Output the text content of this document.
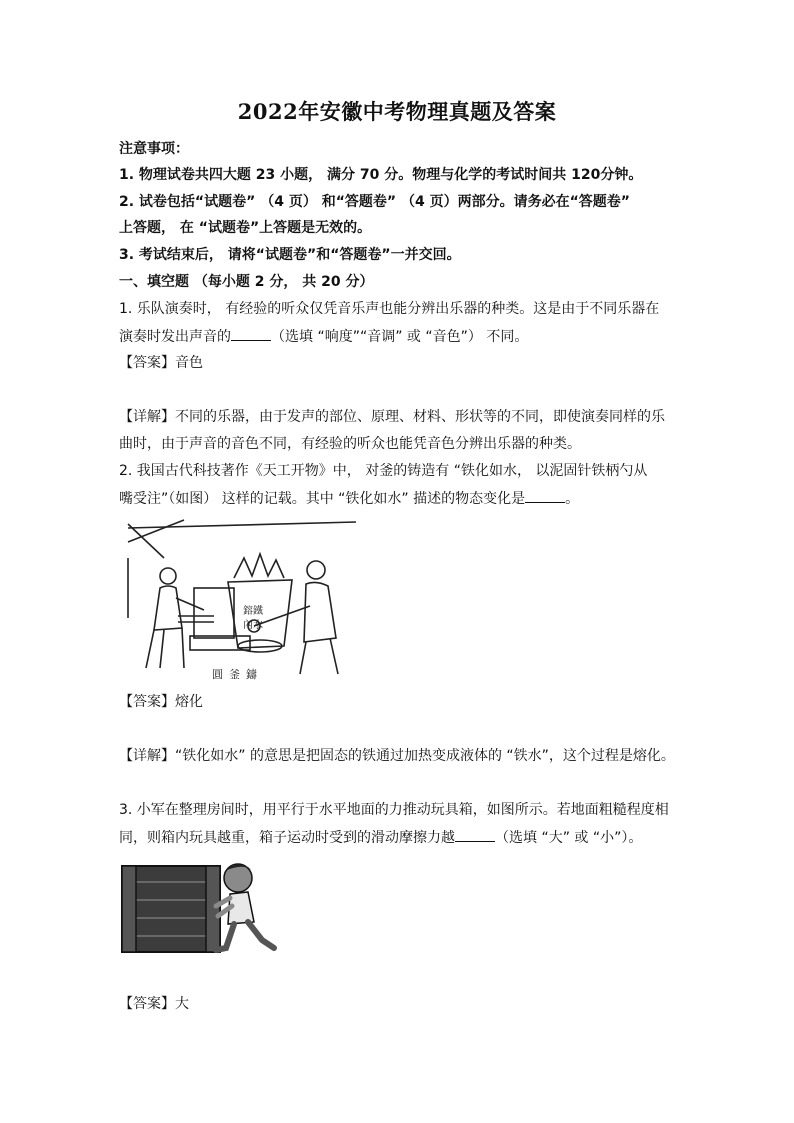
2022年安徽中考物理真题及答案
注意事项：
1. 物理试卷共四大题 23 小题， 满分 70 分。物理与化学的考试时间共 120分钟。
2. 试卷包括“试题卷” （4 页） 和“答题卷” （4 页）两部分。请务必在“答题卷”
上答题， 在 “试题卷”上答题是无效的。
3. 考试结束后， 请将“试题卷”和“答题卷”一并交回。
一、填空题 （每小题 2 分， 共 20 分）
1. 乐队演奏时， 有经验的听众仅凭音乐声也能分辨出乐器的种类。这是由于不同乐器在
演奏时发出声音的	（选填 “响度”“音调” 或 “音色”） 不同。
【答案】音色
【详解】不同的乐器，由于发声的部位、原理、材料、形状等的不同，即使演奏同样的乐
曲时，由于声音的音色不同，有经验的听众也能凭音色分辨出乐器的种类。
2. 我国古代科技著作《天工开物》中， 对釜的铸造有 “铁化如水， 以泥固针铁柄勺从
嘴受注”（如图） 这样的记载。其中 “铁化如水” 描述的物态变化是	。
鎔鐵
內水
圓釜鑄
【答案】熔化
【详解】“铁化如水” 的意思是把固态的铁通过加热变成液体的 “铁水”，这个过程是熔化。
3. 小军在整理房间时，用平行于水平地面的力推动玩具箱，如图所示。若地面粗糙程度相
同，则箱内玩具越重，箱子运动时受到的滑动摩擦力越	（选填 “大” 或 “小”）。
【答案】大
